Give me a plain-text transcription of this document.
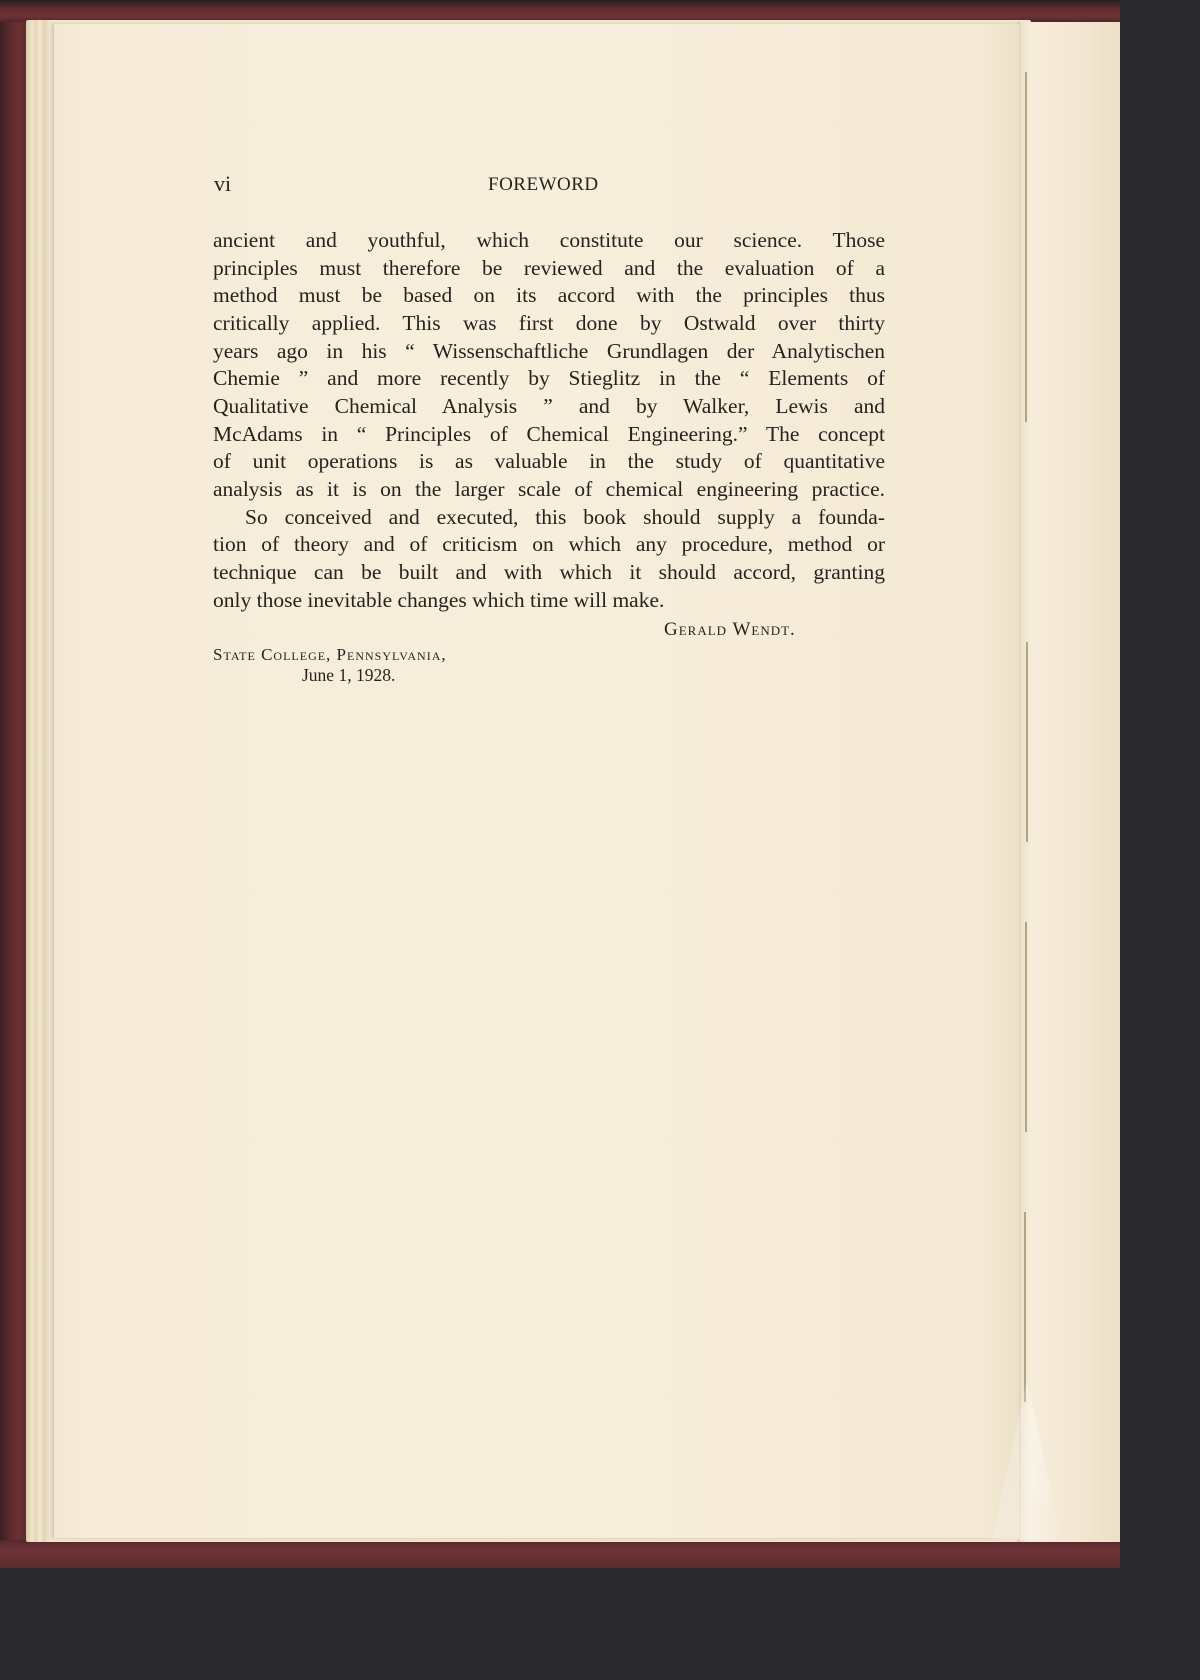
vi	FOREWORD
ancient and youthful, which constitute our science. Those
principles must therefore be reviewed and the evaluation of a
method must be based on its accord with the principles thus
critically applied. This was first done by Ostwald over thirty
years ago in his “ Wissenschaftliche Grundlagen der Analytischen
Chemie ” and more recently by Stieglitz in the “ Elements of
Qualitative Chemical Analysis ” and by Walker, Lewis and
McAdams in “ Principles of Chemical Engineering.” The concept
of unit operations is as valuable in the study of quantitative
analysis as it is on the larger scale of chemical engineering practice.
So conceived and executed, this book should supply a founda-
tion of theory and of criticism on which any procedure, method or
technique can be built and with which it should accord, granting
only those inevitable changes which time will make.
Gerald Wendt.
State College, Pennsylvania,
June 1, 1928.
